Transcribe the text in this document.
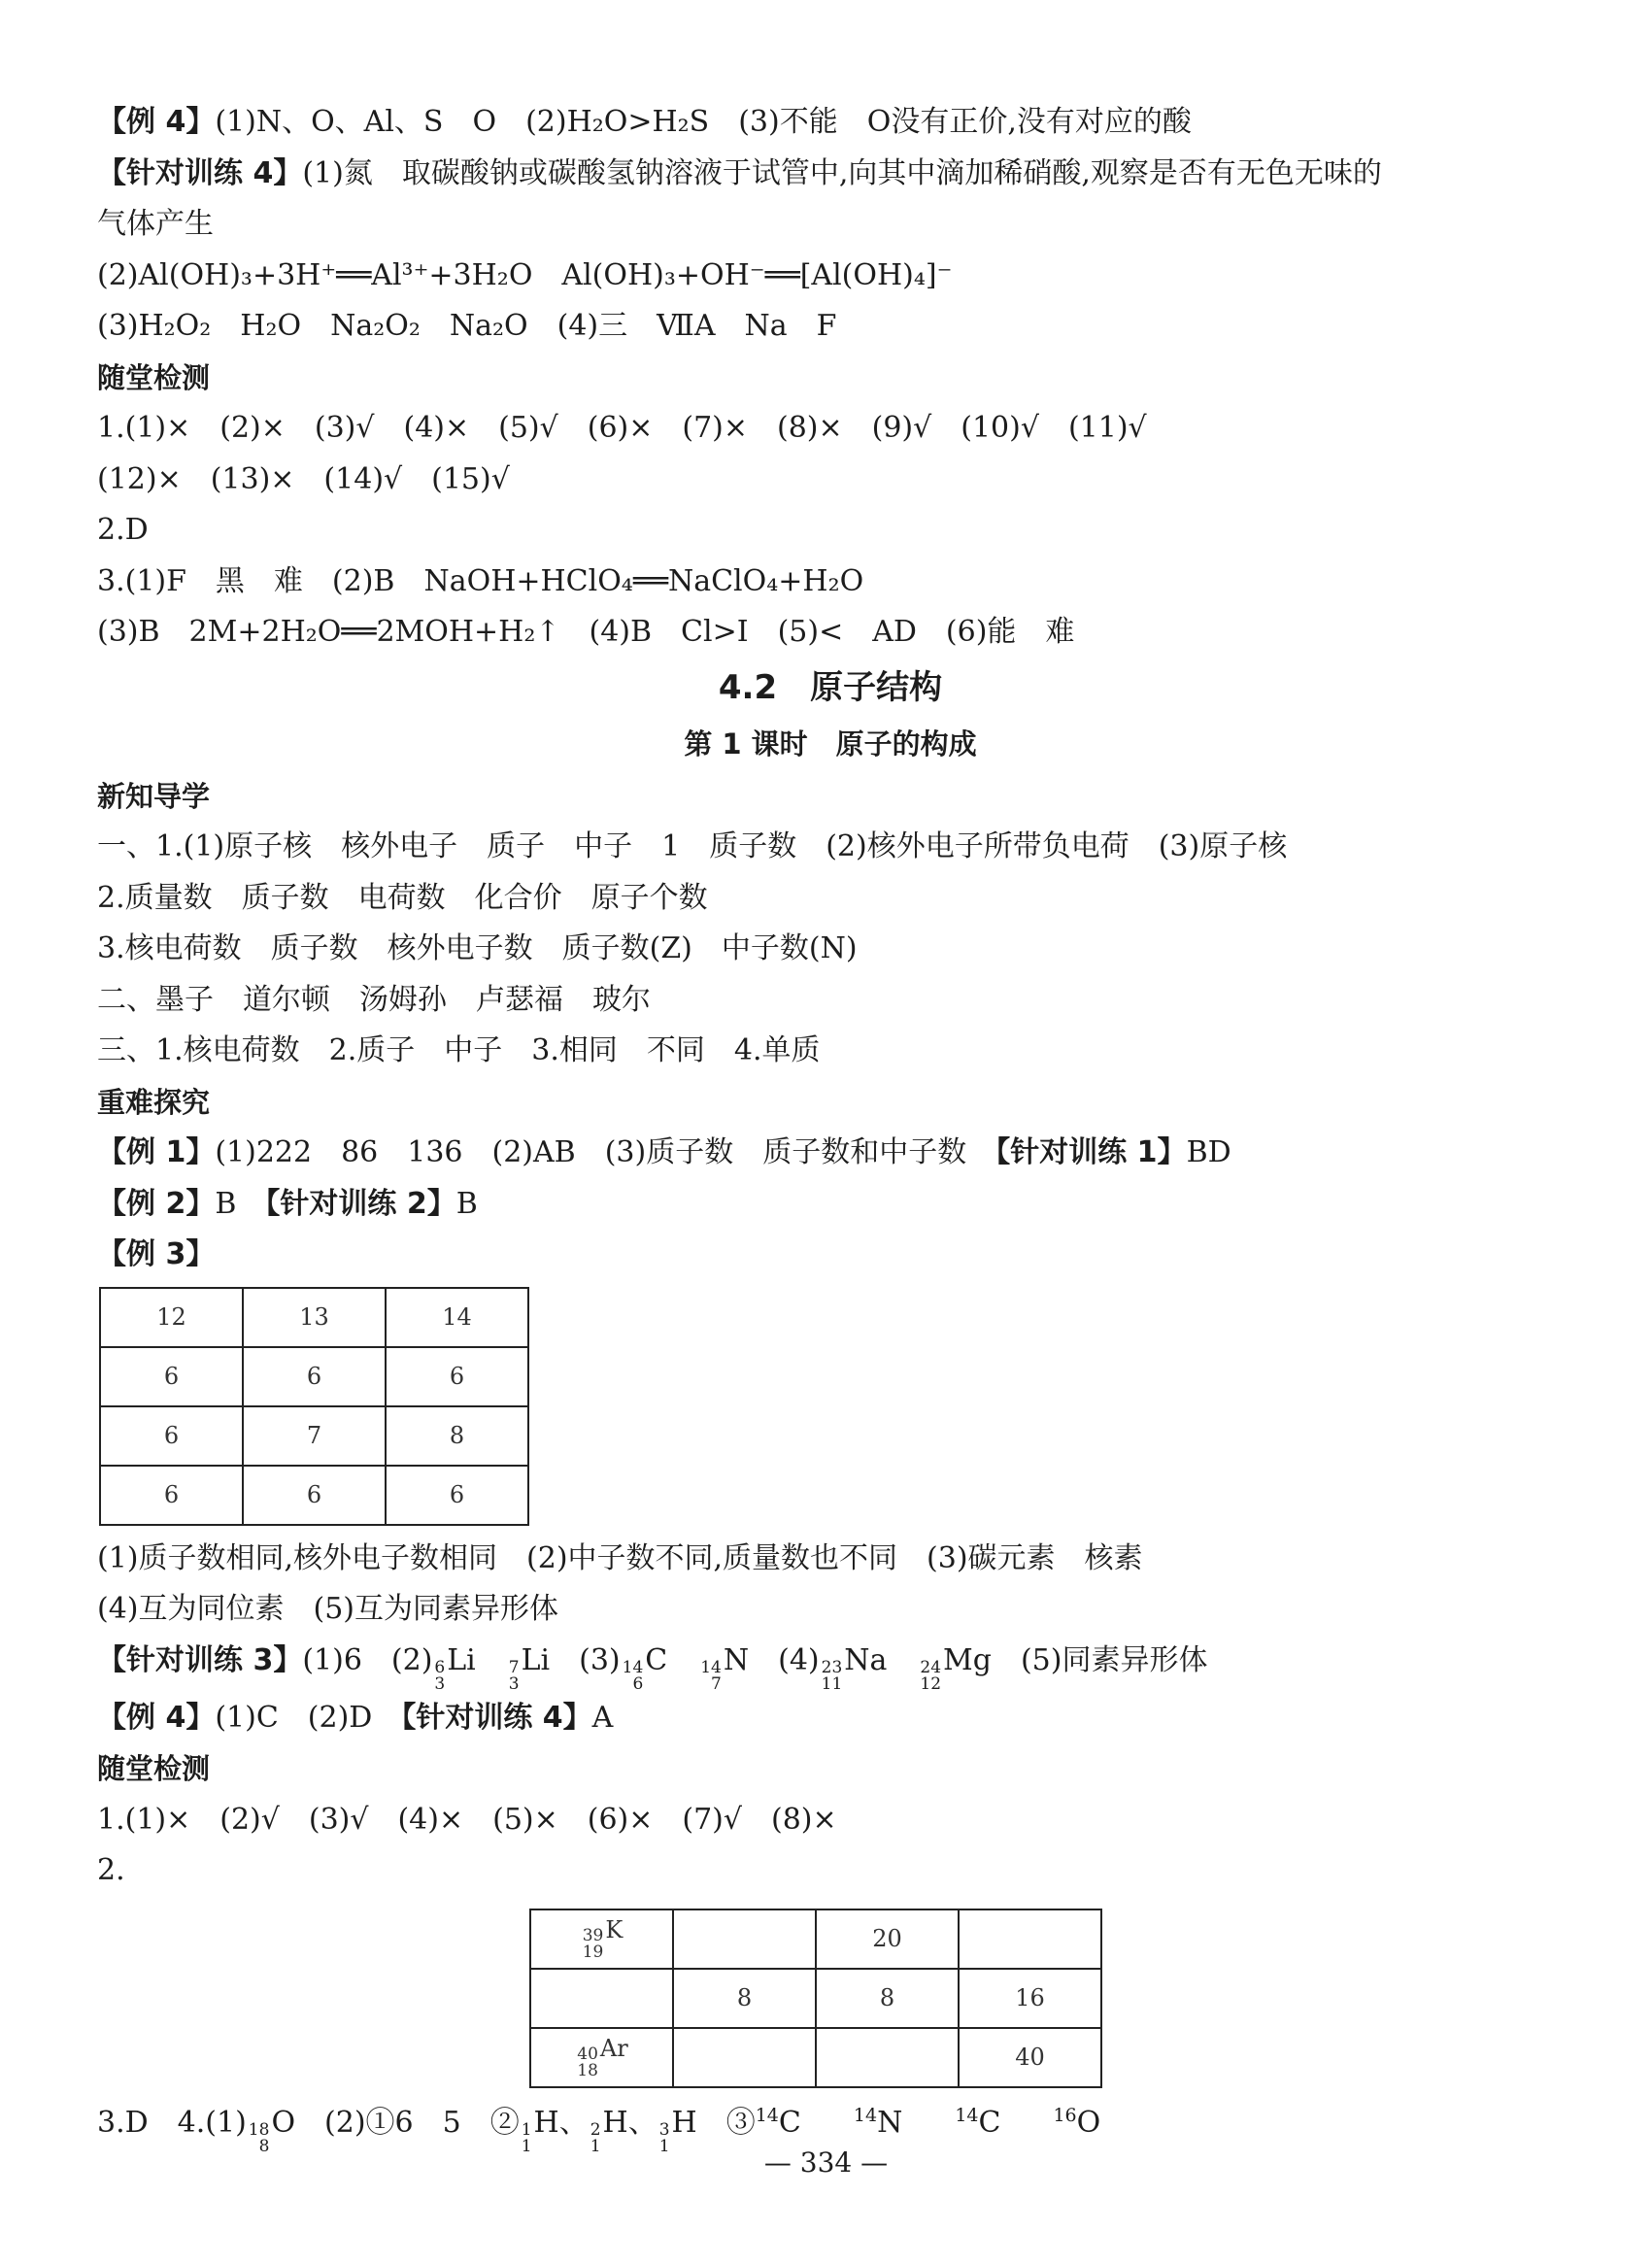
【例 4】(1)N、O、Al、S　O　(2)H₂O>H₂S　(3)不能　O没有正价,没有对应的酸
【针对训练 4】(1)氮　取碳酸钠或碳酸氢钠溶液于试管中,向其中滴加稀硝酸,观察是否有无色无味的
气体产生
(2)Al(OH)₃+3H⁺══Al³⁺+3H₂O　Al(OH)₃+OH⁻══[Al(OH)₄]⁻
(3)H₂O₂　H₂O　Na₂O₂　Na₂O　(4)三　ⅦA　Na　F
随堂检测
1.(1)×　(2)×　(3)√　(4)×　(5)√　(6)×　(7)×　(8)×　(9)√　(10)√　(11)√
(12)×　(13)×　(14)√　(15)√
2.D
3.(1)F　黑　难　(2)B　NaOH+HClO₄══NaClO₄+H₂O
(3)B　2M+2H₂O══2MOH+H₂↑　(4)B　Cl>I　(5)<　AD　(6)能　难
4.2　原子结构
第 1 课时　原子的构成
新知导学
一、1.(1)原子核　核外电子　质子　中子　1　质子数　(2)核外电子所带负电荷　(3)原子核
2.质量数　质子数　电荷数　化合价　原子个数
3.核电荷数　质子数　核外电子数　质子数(Z)　中子数(N)
二、墨子　道尔顿　汤姆孙　卢瑟福　玻尔
三、1.核电荷数　2.质子　中子　3.相同　不同　4.单质
重难探究
【例 1】(1)222　86　136　(2)AB　(3)质子数　质子数和中子数　 【针对训练 1】BD
【例 2】B　 【针对训练 2】B
【例 3】
12	13	14
6	6	6
6	7	8
6	6	6
(1)质子数相同,核外电子数相同　(2)中子数不同,质量数也不同　(3)碳元素　核素
(4)互为同位素　(5)互为同素异形体
【针对训练 3】(1)6　(2) 6
3
Li 7
3
Li　 (3) 14
6
C 14
7
N　 (4) 23
11
Na 24
12
Mg　 (5)同素异形体
【例 4】(1)C　(2)D　 【针对训练 4】A
随堂检测
1.(1)×　(2)√　(3)√　(4)×　(5)×　(6)×　(7)√　(8)×
2.
39
19
K		20	
	8	8	16

40
18
Ar			40
3.D　4.(1) 18
8
O　 (2)①6　5　② 1
1
H、 2
1
H、 3
1
H　 ③$^{14}$C	$^{14}$N	$^{14}$C	$^{16}$O
— 334 —
